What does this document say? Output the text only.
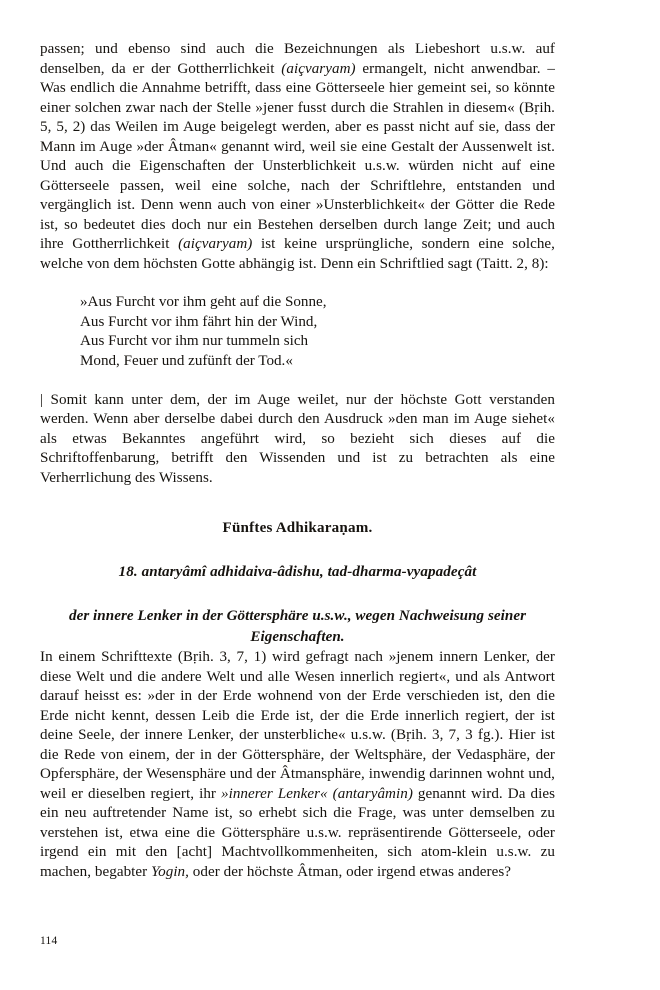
passen; und ebenso sind auch die Bezeichnungen als Liebeshort u.s.w. auf denselben, da er der Gottherrlichkeit (aiçvaryam) ermangelt, nicht anwendbar. – Was endlich die Annahme betrifft, dass eine Götterseele hier gemeint sei, so könnte einer solchen zwar nach der Stelle »jener fusst durch die Strahlen in diesem« (Bṛih. 5, 5, 2) das Weilen im Auge beigelegt werden, aber es passt nicht auf sie, dass der Mann im Auge »der Âtman« genannt wird, weil sie eine Gestalt der Aussenwelt ist. Und auch die Eigenschaften der Unsterblichkeit u.s.w. würden nicht auf eine Götterseele passen, weil eine solche, nach der Schriftlehre, entstanden und vergänglich ist. Denn wenn auch von einer »Unsterblichkeit« der Götter die Rede ist, so bedeutet dies doch nur ein Bestehen derselben durch lange Zeit; und auch ihre Gottherrlichkeit (aiçvaryam) ist keine ursprüngliche, sondern eine solche, welche von dem höchsten Gotte abhängig ist. Denn ein Schriftlied sagt (Taitt. 2, 8):

»Aus Furcht vor ihm geht auf die Sonne,
Aus Furcht vor ihm fährt hin der Wind,
Aus Furcht vor ihm nur tummeln sich
Mond, Feuer und zufünft der Tod.«

| Somit kann unter dem, der im Auge weilet, nur der höchste Gott verstanden werden. Wenn aber derselbe dabei durch den Ausdruck »den man im Auge siehet« als etwas Bekanntes angeführt wird, so bezieht sich dieses auf die Schriftoffenbarung, betrifft den Wissenden und ist zu betrachten als eine Verherrlichung des Wissens.

Fünftes Adhikaraṇam.
18. antaryâmî adhidaiva-âdishu, tad-dharma-vyapadeçât
der innere Lenker in der Göttersphäre u.s.w., wegen Nachweisung seiner
Eigenschaften.

In einem Schrifttexte (Bṛih. 3, 7, 1) wird gefragt nach »jenem innern Lenker, der diese Welt und die andere Welt und alle Wesen innerlich regiert«, und als Antwort darauf heisst es: »der in der Erde wohnend von der Erde verschieden ist, den die Erde nicht kennt, dessen Leib die Erde ist, der die Erde innerlich regiert, der ist deine Seele, der innere Lenker, der unsterbliche« u.s.w. (Bṛih. 3, 7, 3 fg.). Hier ist die Rede von einem, der in der Göttersphäre, der Weltsphäre, der Vedasphäre, der Opfersphäre, der Wesensphäre und der Âtmansphäre, inwendig darinnen wohnt und, weil er dieselben regiert, ihr »innerer Lenker« (antaryâmin) genannt wird. Da dies ein neu auftretender Name ist, so erhebt sich die Frage, was unter demselben zu verstehen ist, etwa eine die Göttersphäre u.s.w. repräsentirende Götterseele, oder irgend ein mit den [acht] Machtvollkommenheiten, sich atom-klein u.s.w. zu machen, begabter Yogin, oder der höchste Âtman, oder irgend etwas anderes?

114
